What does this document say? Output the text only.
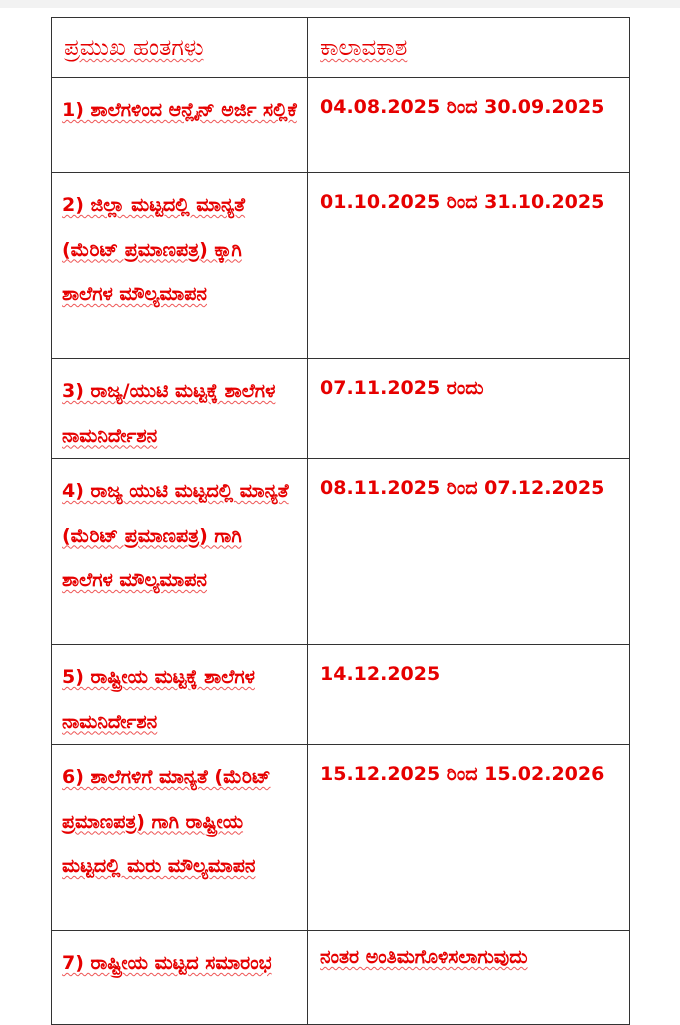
ಪ್ರಮುಖ ಹಂತಗಳು	ಕಾಲಾವಕಾಶ

1) ಶಾಲೆಗಳಿಂದ ಆನ್ಲೈನ್ ಅರ್ಜಿ ಸಲ್ಲಿಕೆ	04.08.2025 ರಿಂದ 30.09.2025

2) ಜಿಲ್ಲಾ ಮಟ್ಟದಲ್ಲಿ ಮಾನ್ಯತೆ (ಮೆರಿಟ್ ಪ್ರಮಾಣಪತ್ರ) ಕ್ಕಾಗಿ ಶಾಲೆಗಳ ಮೌಲ್ಯಮಾಪನ	01.10.2025 ರಿಂದ 31.10.2025

3) ರಾಜ್ಯ/ಯುಟಿ ಮಟ್ಟಕ್ಕೆ ಶಾಲೆಗಳ ನಾಮನಿರ್ದೇಶನ	07.11.2025 ರಂದು

4) ರಾಜ್ಯ ಯುಟಿ ಮಟ್ಟದಲ್ಲಿ ಮಾನ್ಯತೆ (ಮೆರಿಟ್ ಪ್ರಮಾಣಪತ್ರ) ಗಾಗಿ ಶಾಲೆಗಳ ಮೌಲ್ಯಮಾಪನ	08.11.2025 ರಿಂದ 07.12.2025

5) ರಾಷ್ಟ್ರೀಯ ಮಟ್ಟಕ್ಕೆ ಶಾಲೆಗಳ ನಾಮನಿರ್ದೇಶನ	14.12.2025

6) ಶಾಲೆಗಳಿಗೆ ಮಾನ್ಯತೆ (ಮೆರಿಟ್ ಪ್ರಮಾಣಪತ್ರ) ಗಾಗಿ ರಾಷ್ಟ್ರೀಯ ಮಟ್ಟದಲ್ಲಿ ಮರು ಮೌಲ್ಯಮಾಪನ	15.12.2025 ರಿಂದ 15.02.2026

7) ರಾಷ್ಟ್ರೀಯ ಮಟ್ಟದ ಸಮಾರಂಭ	ನಂತರ ಅಂತಿಮಗೊಳಿಸಲಾಗುವುದು
